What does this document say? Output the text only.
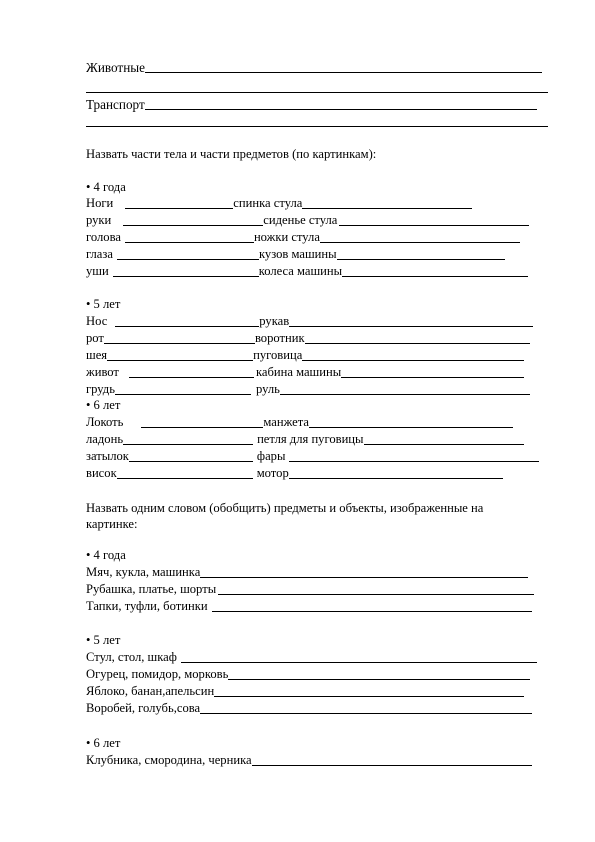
Животные
Транспорт
Назвать части тела и части предметов (по картинкам):
• 4 года
Ноги	спинка стула
руки	сиденье стула
голова	ножки стула
глаза	кузов машины
уши	колеса машины
• 5 лет
Нос	рукав
рот	воротник
шея	пуговица
живот	кабина машины
грудь	руль
• 6 лет
Локоть	манжета
ладонь	петля для пуговицы
затылок	фары
висок	мотор
Назвать одним словом (обобщить) предметы и объекты, изображенные на
картинке:
• 4 года
Мяч, кукла, машинка
Рубашка, платье, шорты
Тапки, туфли, ботинки
• 5 лет
Стул, стол, шкаф
Огурец, помидор, морковь
Яблоко, банан,апельсин
Воробей, голубь,сова
• 6 лет
Клубника, смородина, черника
